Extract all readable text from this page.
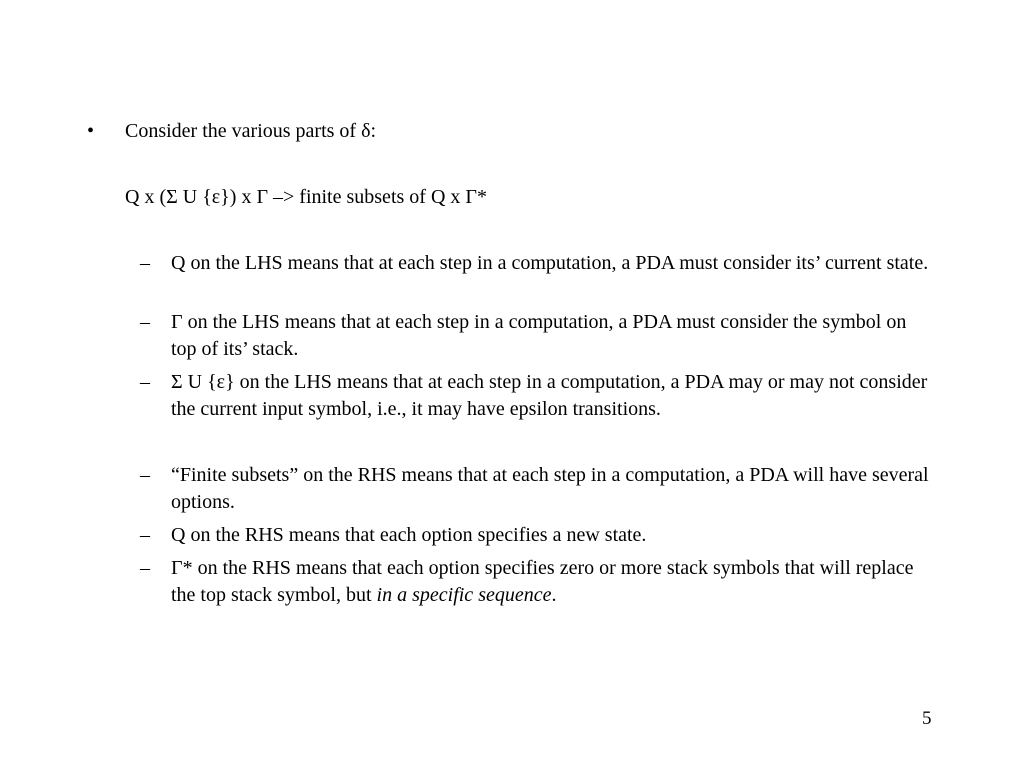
• Consider the various parts of δ:
Q x (Σ U {ε}) x Γ –> finite subsets of Q x Γ*
– Q on the LHS means that at each step in a computation, a PDA must consider its’ current state.
– Γ on the LHS means that at each step in a computation, a PDA must consider the symbol on top of its’ stack.
– Σ U {ε} on the LHS means that at each step in a computation, a PDA may or may not consider the current input symbol, i.e., it may have epsilon transitions.
– “Finite subsets” on the RHS means that at each step in a computation, a PDA will have several options.
– Q on the RHS means that each option specifies a new state.
– Γ* on the RHS means that each option specifies zero or more stack symbols that will replace the top stack symbol, but in a specific sequence.
5
